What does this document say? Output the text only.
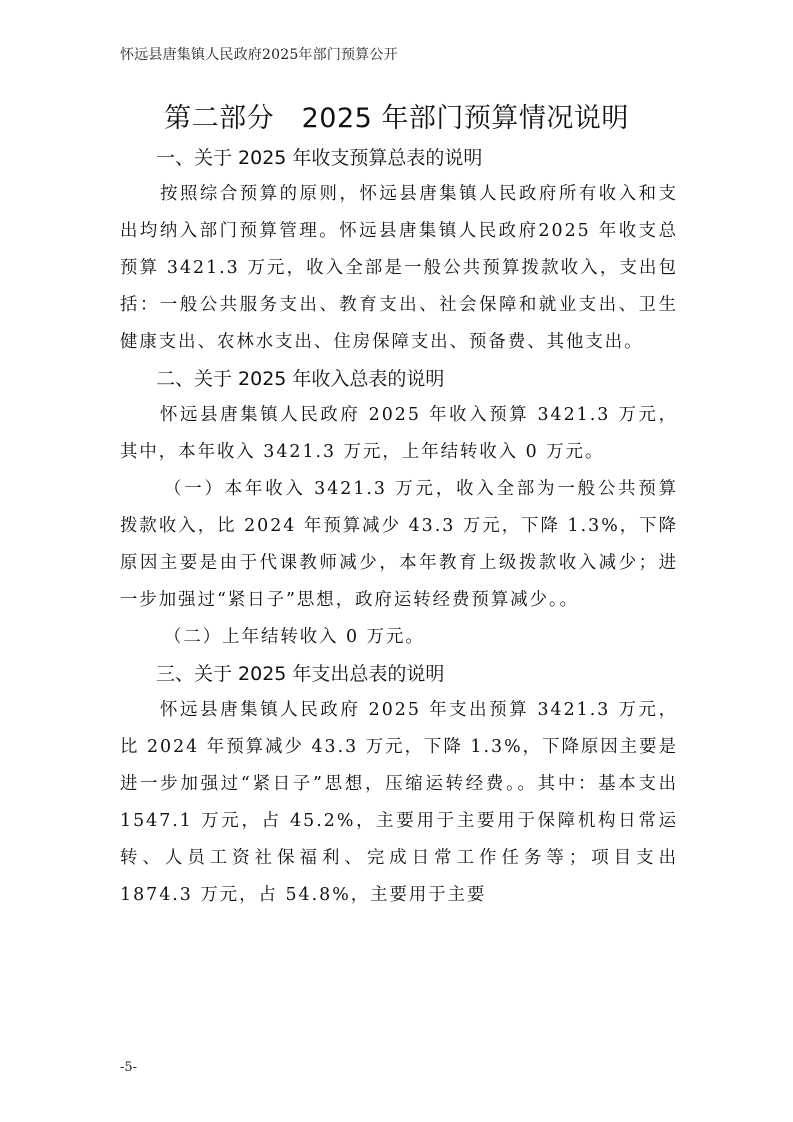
怀远县唐集镇人民政府2025年部门预算公开
第二部分　2025 年部门预算情况说明
一、关于 2025 年收支预算总表的说明

按照综合预算的原则，怀远县唐集镇人民政府所有收入和支出均纳入部门预算管理。怀远县唐集镇人民政府2025 年收支总预算 3421.3 万元，收入全部是一般公共预算拨款收入，支出包括：一般公共服务支出、教育支出、社会保障和就业支出、卫生健康支出、农林水支出、住房保障支出、预备费、其他支出。

二、关于 2025 年收入总表的说明

怀远县唐集镇人民政府 2025 年收入预算 3421.3 万元，其中，本年收入 3421.3 万元，上年结转收入 0 万元。

（一）本年收入 3421.3 万元，收入全部为一般公共预算拨款收入，比 2024 年预算减少 43.3 万元，下降 1.3%，下降原因主要是由于代课教师减少，本年教育上级拨款收入减少；进一步加强过“紧日子”思想，政府运转经费预算减少。。

（二）上年结转收入 0 万元。

三、关于 2025 年支出总表的说明

怀远县唐集镇人民政府 2025 年支出预算 3421.3 万元，比 2024 年预算减少 43.3 万元，下降 1.3%，下降原因主要是进一步加强过“紧日子”思想，压缩运转经费。。其中：基本支出 1547.1 万元，占 45.2%，主要用于主要用于保障机构日常运转、人员工资社保福利、完成日常工作任务等；项目支出 1874.3 万元，占 54.8%，主要用于主要

-5-
